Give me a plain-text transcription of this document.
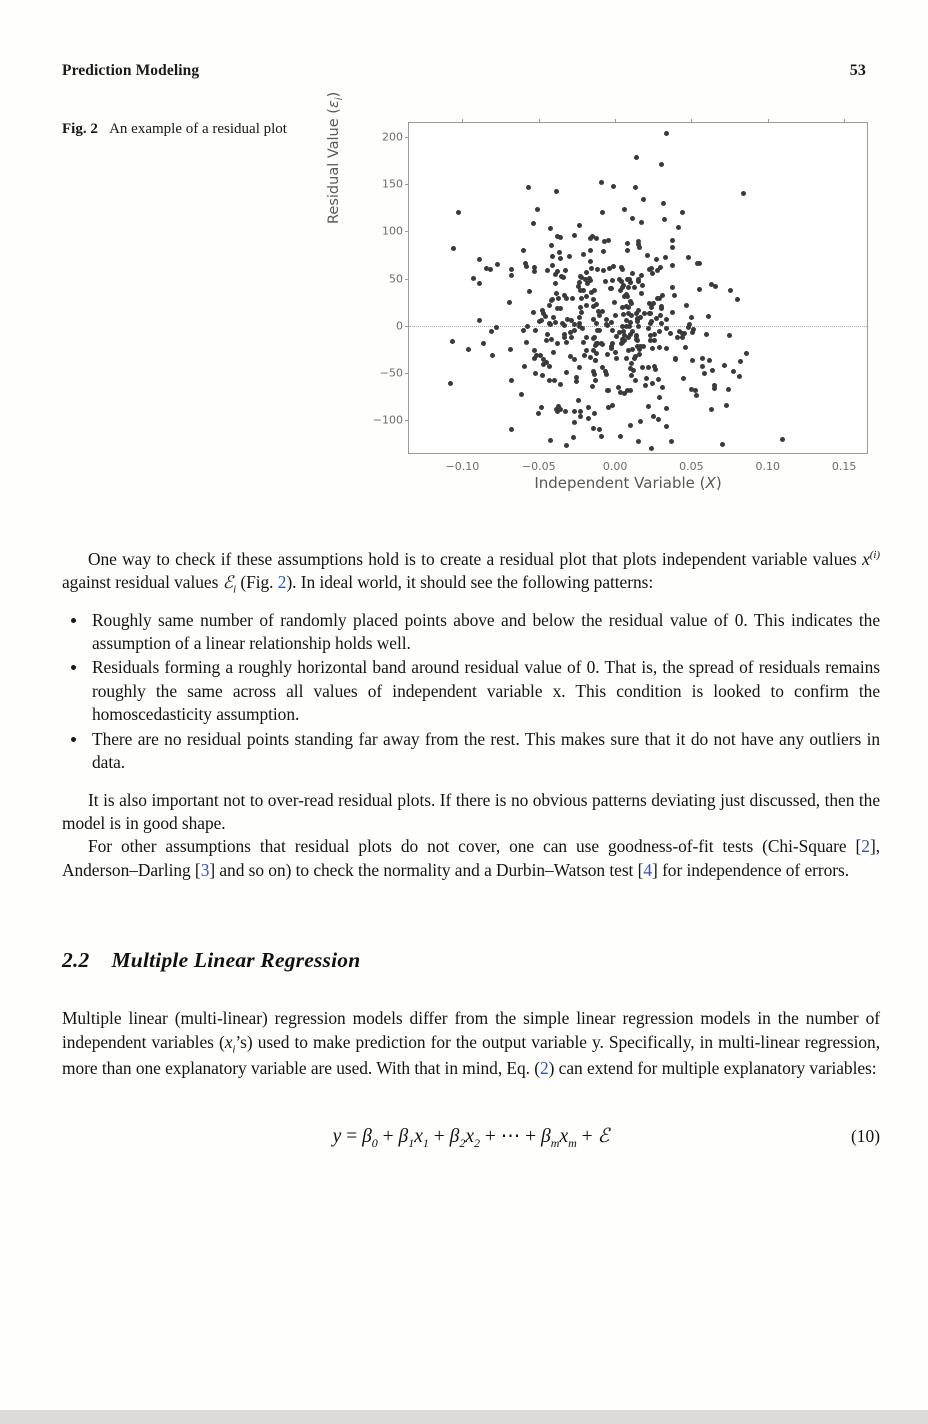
Prediction Modeling	53
Fig. 2 An example of a residual plot	Residual Value $(\varepsilon_i)$
Independent Variable (X)
200
150
100
50
0
−50
−100
−0.10	−0.05	0.00	0.05	0.10	0.15

One way to check if these assumptions hold is to create a residual plot that plots independent variable values $x^{(i)}$ against residual values ℰ$_i$ (Fig. 2). In ideal world, it should see the following patterns:

Roughly same number of randomly placed points above and below the residual value of 0. This indicates the assumption of a linear relationship holds well.
Residuals forming a roughly horizontal band around residual value of 0. That is, the spread of residuals remains roughly the same across all values of independent variable x. This condition is looked to confirm the homoscedasticity assumption.
There are no residual points standing far away from the rest. This makes sure that it do not have any outliers in data.

It is also important not to over-read residual plots. If there is no obvious patterns deviating just discussed, then the model is in good shape.

For other assumptions that residual plots do not cover, one can use goodness-of-fit tests (Chi-Square [2], Anderson–Darling [3] and so on) to check the normality and a Durbin–Watson test [4] for independence of errors.

2.2 Multiple Linear Regression

Multiple linear (multi-linear) regression models differ from the simple linear regression models in the number of independent variables $(x_i’s)$ used to make prediction for the output variable y. Specifically, in multi-linear regression, more than one explanatory variable are used. With that in mind, Eq. (2) can extend for multiple explanatory variables:

$y = \beta_0 + \beta_1x_1 + \beta_2x_2$ + ⋯ + $\beta_mx_m$ + ℰ	(10)
